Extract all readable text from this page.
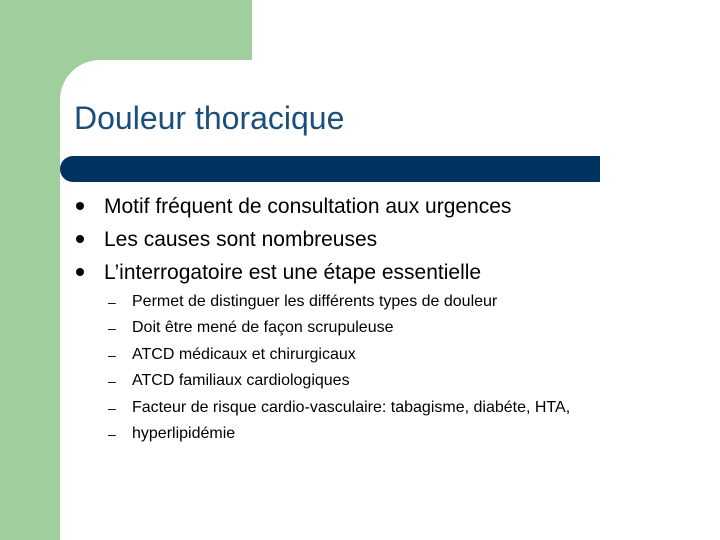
Douleur thoracique
Motif fréquent de consultation aux urgences
Les causes sont nombreuses
L’interrogatoire est une étape essentielle
– Permet de distinguer les différents types de douleur
– Doit être mené de façon scrupuleuse
– ATCD médicaux et chirurgicaux
– ATCD familiaux cardiologiques
– Facteur de risque cardio-vasculaire: tabagisme, diabéte, HTA,
– hyperlipidémie
